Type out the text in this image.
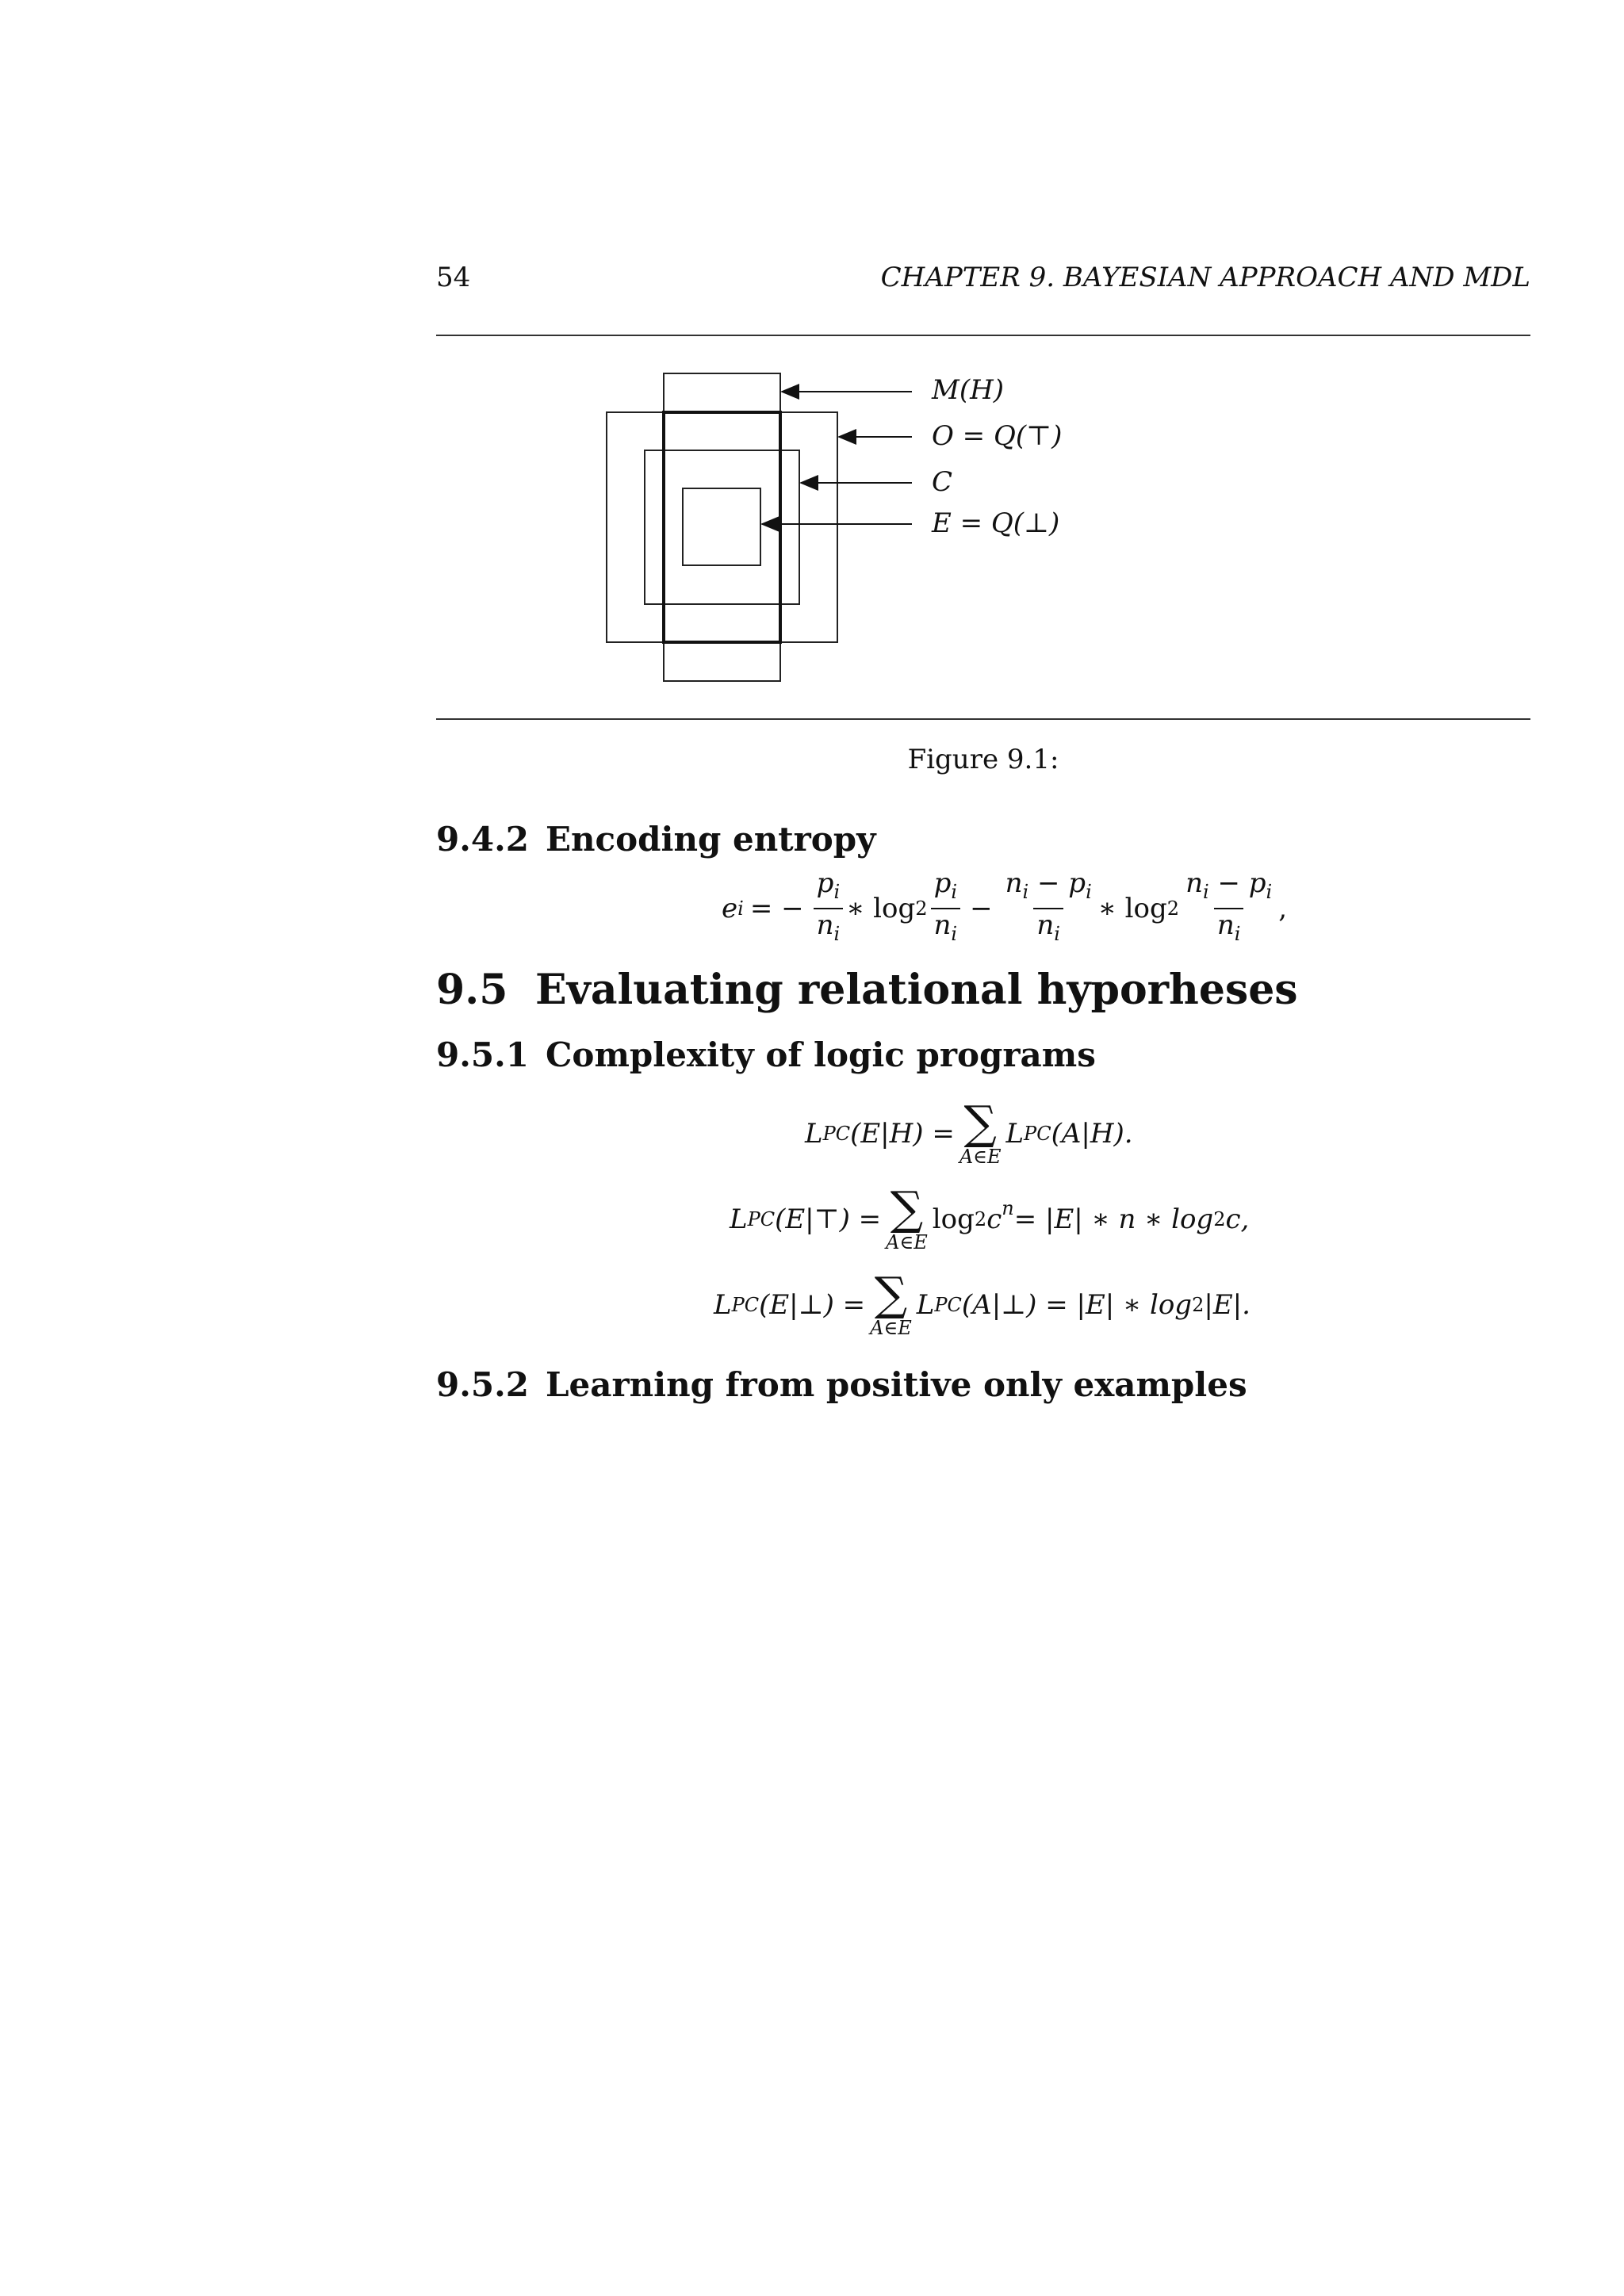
54	CHAPTER 9. BAYESIAN APPROACH AND MDL
M(H)
O = Q(⊤)
C
E = Q(⊥)
Figure 9.1:
9.4.2 Encoding entropy
e i = − $\frac{p_i}{n_i}$ ∗ $\log 2 \frac{p_i}{n_i} - \frac{n_i - p_i}{n_i}$ ∗ $\log 2 \frac{n_i - p_i}{n_i}$ ,
9.5 Evaluating relational hyporheses
9.5.1 Complexity of logic programs
L PC (E|H) = ∑
A∈E
L PC (A|H).
L PC (E|⊤) = ∑
A∈E
log 2 $c^n = |E|$ ∗ n ∗ log 2 c,
L PC (E|⊥) = ∑
A∈E
L PC (A|⊥) = |E| ∗ log 2 |E|.
9.5.2 Learning from positive only examples
